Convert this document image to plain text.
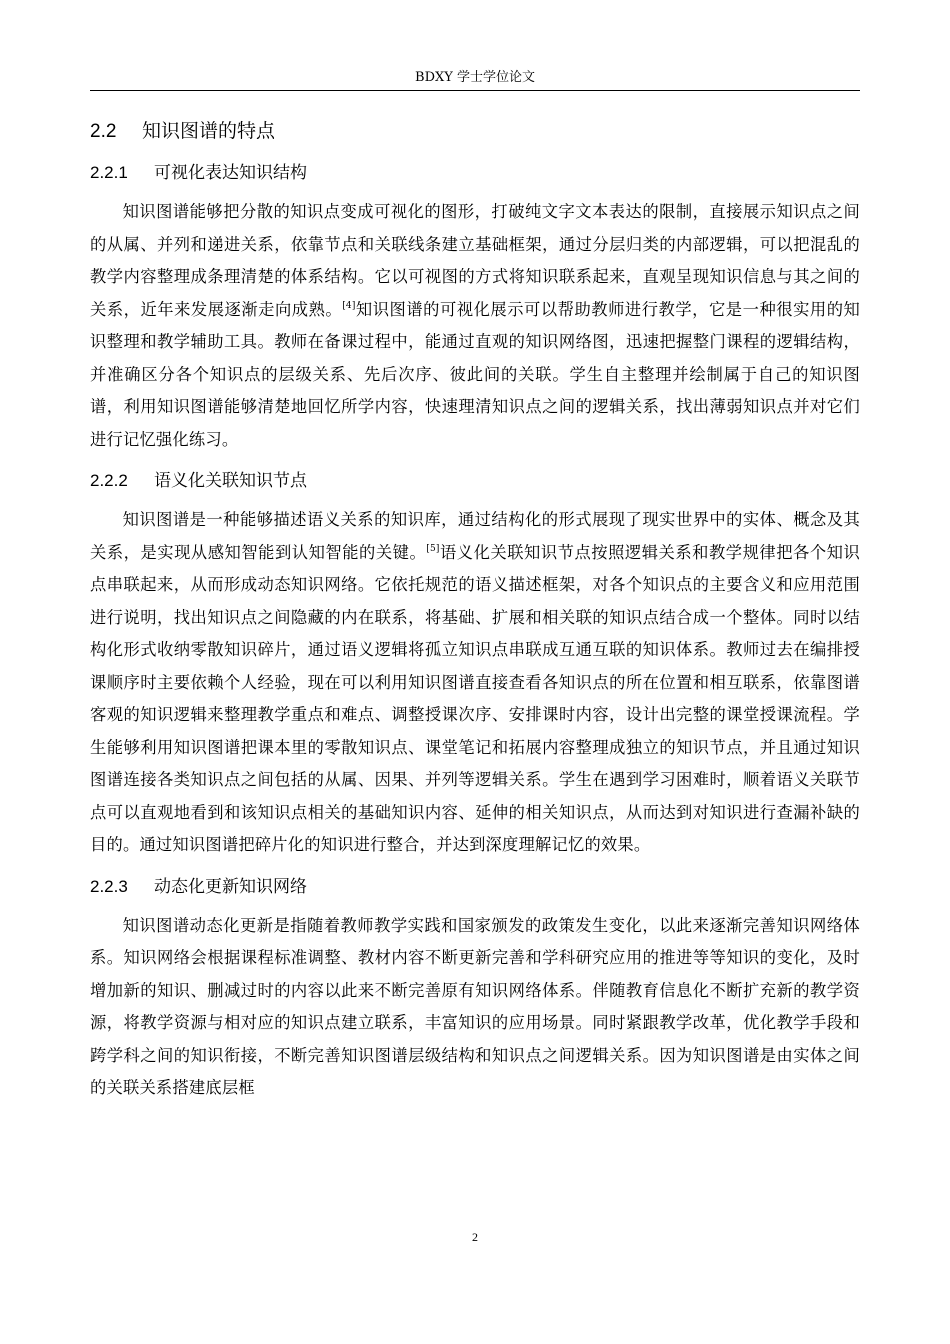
BDXY 学士学位论文
2.2 知识图谱的特点
2.2.1 可视化表达知识结构

知识图谱能够把分散的知识点变成可视化的图形，打破纯文字文本表达的限制，直接展示知识点之间的从属、并列和递进关系，依靠节点和关联线条建立基础框架，通过分层归类的内部逻辑，可以把混乱的教学内容整理成条理清楚的体系结构。它以可视图的方式将知识联系起来，直观呈现知识信息与其之间的关系，近年来发展逐渐走向成熟。[4]知识图谱的可视化展示可以帮助教师进行教学，它是一种很实用的知识整理和教学辅助工具。教师在备课过程中，能通过直观的知识网络图，迅速把握整门课程的逻辑结构，并准确区分各个知识点的层级关系、先后次序、彼此间的关联。学生自主整理并绘制属于自己的知识图谱，利用知识图谱能够清楚地回忆所学内容，快速理清知识点之间的逻辑关系，找出薄弱知识点并对它们进行记忆强化练习。

2.2.2 语义化关联知识节点

知识图谱是一种能够描述语义关系的知识库，通过结构化的形式展现了现实世界中的实体、概念及其关系，是实现从感知智能到认知智能的关键。[5]语义化关联知识节点按照逻辑关系和教学规律把各个知识点串联起来，从而形成动态知识网络。它依托规范的语义描述框架，对各个知识点的主要含义和应用范围进行说明，找出知识点之间隐藏的内在联系，将基础、扩展和相关联的知识点结合成一个整体。同时以结构化形式收纳零散知识碎片，通过语义逻辑将孤立知识点串联成互通互联的知识体系。教师过去在编排授课顺序时主要依赖个人经验，现在可以利用知识图谱直接查看各知识点的所在位置和相互联系，依靠图谱客观的知识逻辑来整理教学重点和难点、调整授课次序、安排课时内容，设计出完整的课堂授课流程。学生能够利用知识图谱把课本里的零散知识点、课堂笔记和拓展内容整理成独立的知识节点，并且通过知识图谱连接各类知识点之间包括的从属、因果、并列等逻辑关系。学生在遇到学习困难时，顺着语义关联节点可以直观地看到和该知识点相关的基础知识内容、延伸的相关知识点，从而达到对知识进行查漏补缺的目的。通过知识图谱把碎片化的知识进行整合，并达到深度理解记忆的效果。

2.2.3 动态化更新知识网络

知识图谱动态化更新是指随着教师教学实践和国家颁发的政策发生变化，以此来逐渐完善知识网络体系。知识网络会根据课程标准调整、教材内容不断更新完善和学科研究应用的推进等等知识的变化，及时增加新的知识、删减过时的内容以此来不断完善原有知识网络体系。伴随教育信息化不断扩充新的教学资源，将教学资源与相对应的知识点建立联系，丰富知识的应用场景。同时紧跟教学改革，优化教学手段和跨学科之间的知识衔接，不断完善知识图谱层级结构和知识点之间逻辑关系。因为知识图谱是由实体之间的关联关系搭建底层框

2
